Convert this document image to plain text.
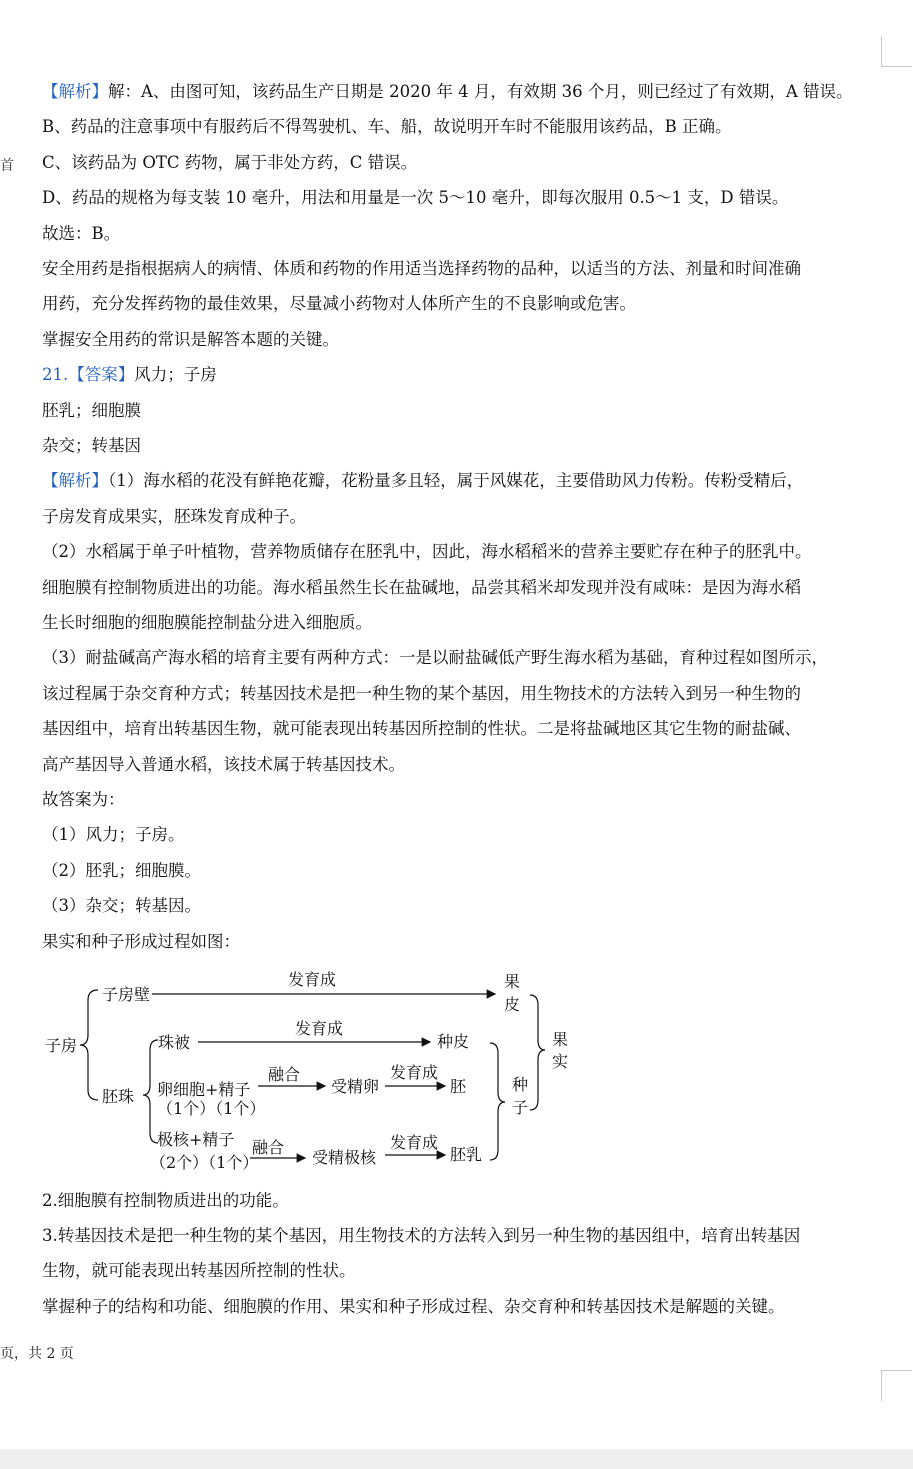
【解析】解：A、由图可知，该药品生产日期是 2020 年 4 月，有效期 36 个月，则已经过了有效期，A 错误。
B、药品的注意事项中有服药后不得驾驶机、车、船，故说明开车时不能服用该药品，B 正确。
C、该药品为 OTC 药物，属于非处方药，C 错误。
D、药品的规格为每支装 10 毫升，用法和用量是一次 5～10 毫升，即每次服用 0.5～1 支，D 错误。
故选：B。
安全用药是指根据病人的病情、体质和药物的作用适当选择药物的品种，以适当的方法、剂量和时间准确
用药，充分发挥药物的最佳效果，尽量减小药物对人体所产生的不良影响或危害。
掌握安全用药的常识是解答本题的关键。
21.【答案】风力；子房
胚乳；细胞膜
杂交；转基因
【解析】（1）海水稻的花没有鲜艳花瓣，花粉量多且轻，属于风媒花，主要借助风力传粉。传粉受精后，
子房发育成果实，胚珠发育成种子。
（2）水稻属于单子叶植物，营养物质储存在胚乳中，因此，海水稻稻米的营养主要贮存在种子的胚乳中。
细胞膜有控制物质进出的功能。海水稻虽然生长在盐碱地，品尝其稻米却发现并没有咸味：是因为海水稻
生长时细胞的细胞膜能控制盐分进入细胞质。
（3）耐盐碱高产海水稻的培育主要有两种方式：一是以耐盐碱低产野生海水稻为基础，育种过程如图所示，
该过程属于杂交育种方式；转基因技术是把一种生物的某个基因，用生物技术的方法转入到另一种生物的
基因组中，培育出转基因生物，就可能表现出转基因所控制的性状。二是将盐碱地区其它生物的耐盐碱、
高产基因导入普通水稻，该技术属于转基因技术。
故答案为：
（1）风力；子房。
（2）胚乳；细胞膜。
（3）杂交；转基因。
果实和种子形成过程如图：
首
子房
子房壁
发育成	果
皮
胚珠
珠被
发育成
种皮
卵细胞+精子
（1个）（1个）
融合
受精卵
发育成
胚
极核+精子
（2个）（1个）
融合
受精极核
发育成
胚乳
种
子
果
实
2.细胞膜有控制物质进出的功能。
3.转基因技术是把一种生物的某个基因，用生物技术的方法转入到另一种生物的基因组中，培育出转基因
生物，就可能表现出转基因所控制的性状。
掌握种子的结构和功能、细胞膜的作用、果实和种子形成过程、杂交育种和转基因技术是解题的关键。
页，共 2 页
